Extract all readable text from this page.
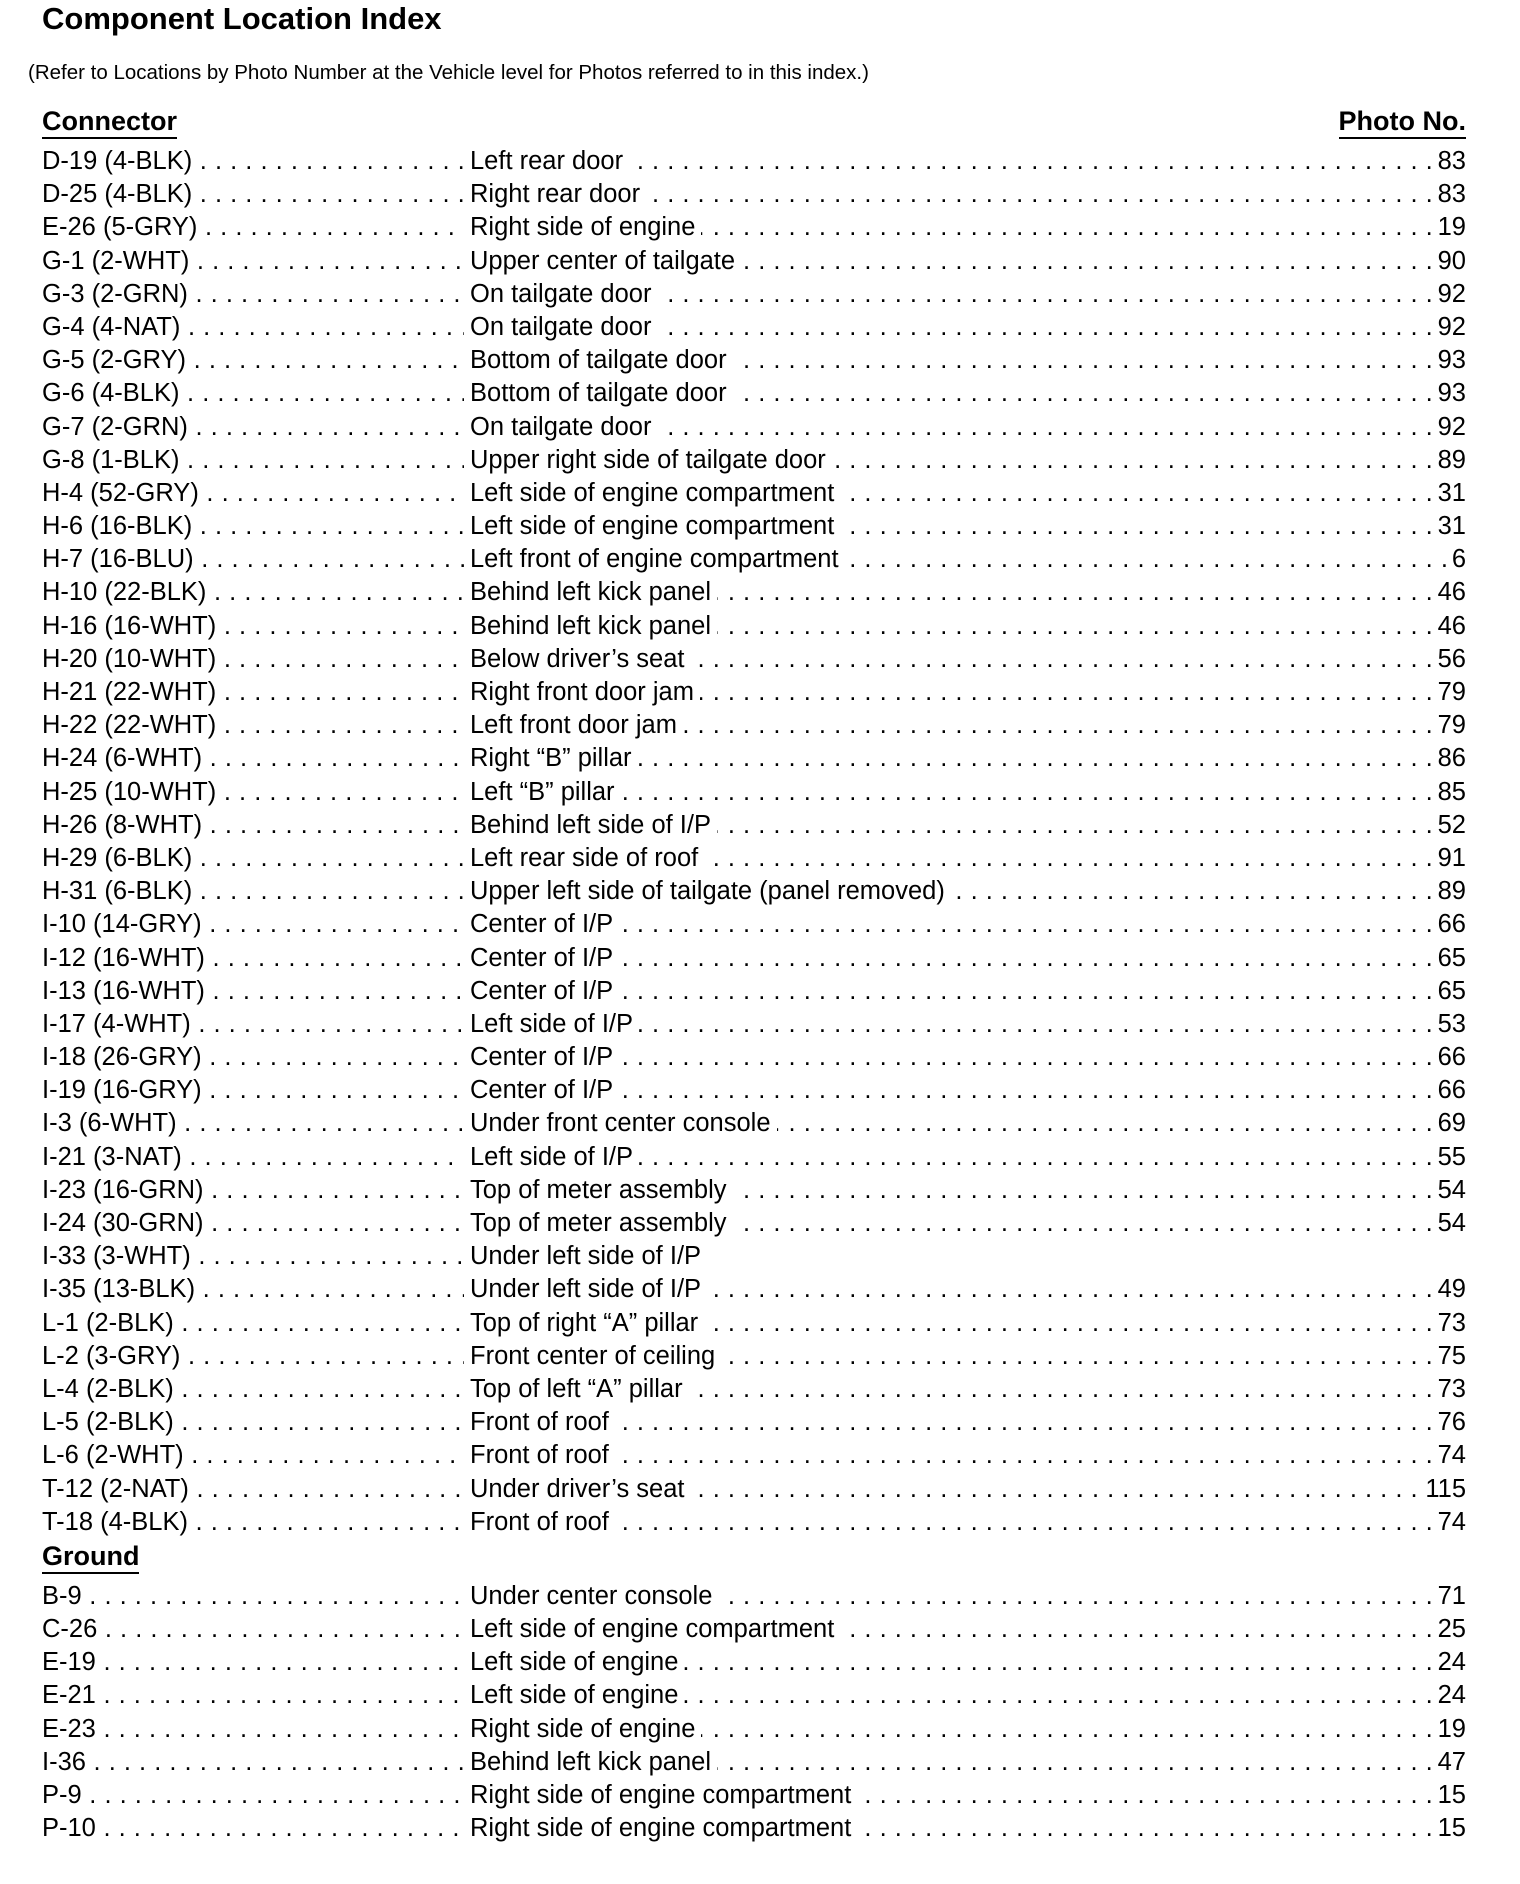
Component Location Index
(Refer to Locations by Photo Number at the Vehicle level for Photos referred to in this index.)
Connector	Photo No.
D-19 (4-BLK) . . . . . .	Left rear door	83
D-25 (4-BLK) . . . . . .	Right rear door	83
E-26 (5-GRY) . . . . . .	Right side of engine	19
G-1 (2-WHT) . . . . . .	Upper center of tailgate	90
G-3 (2-GRN) . . . . . .	On tailgate door	92
G-4 (4-NAT) . . . . . .	On tailgate door	92
G-5 (2-GRY) . . . . . .	Bottom of tailgate door	93
G-6 (4-BLK) . . . . . .	Bottom of tailgate door	93
G-7 (2-GRN) . . . . . .	On tailgate door	92
G-8 (1-BLK) . . . . . .	Upper right side of tailgate door	89
H-4 (52-GRY) . . . . . .	Left side of engine compartment	31
H-6 (16-BLK) . . . . . .	Left side of engine compartment	31
H-7 (16-BLU) . . . . . .	Left front of engine compartment	6
H-10 (22-BLK) . . . . . .	Behind left kick panel	46
H-16 (16-WHT) . . . . . .	Behind left kick panel	46
H-20 (10-WHT) . . . . . .	Below driver’s seat	56
H-21 (22-WHT) . . . . . .	Right front door jam	79
H-22 (22-WHT) . . . . . .	Left front door jam	79
H-24 (6-WHT) . . . . . .	Right “B” pillar	86
H-25 (10-WHT) . . . . . .	Left “B” pillar	85
H-26 (8-WHT) . . . . . .	Behind left side of I/P	52
H-29 (6-BLK) . . . . . .	Left rear side of roof	91
H-31 (6-BLK) . . . . . .	Upper left side of tailgate (panel removed)	89
I-10 (14-GRY) . . . . . .	Center of I/P	66
I-12 (16-WHT) . . . . . .	Center of I/P	65
I-13 (16-WHT) . . . . . .	Center of I/P	65
I-17 (4-WHT) . . . . . .	Left side of I/P	53
I-18 (26-GRY) . . . . . .	Center of I/P	66
I-19 (16-GRY) . . . . . .	Center of I/P	66
I-3 (6-WHT) . . . . . .	Under front center console	69
I-21 (3-NAT) . . . . . .	Left side of I/P	55
I-23 (16-GRN) . . . . . .	Top of meter assembly	54
I-24 (30-GRN) . . . . . .	Top of meter assembly	54
I-33 (3-WHT) . . .	Under left side of I/P
I-35 (13-BLK) . . . . . .	Under left side of I/P	49
L-1 (2-BLK) . . . . . .	Top of right “A” pillar	73
L-2 (3-GRY) . . . . . .	Front center of ceiling	75
L-4 (2-BLK) . . . . . .	Top of left “A” pillar	73
L-5 (2-BLK) . . . . . .	Front of roof	76
L-6 (2-WHT) . . . . . .	Front of roof	74
T-12 (2-NAT) . . . . . .	Under driver’s seat	115
T-18 (4-BLK) . . . . . .	Front of roof	74
Ground
B-9 . . . . . .	Under center console	71
C-26 . . . . . .	Left side of engine compartment	25
E-19 . . . . . .	Left side of engine	24
E-21 . . . . . .	Left side of engine	24
E-23 . . . . . .	Right side of engine	19
I-36 . . . . . .	Behind left kick panel	47
P-9 . . . . . .	Right side of engine compartment	15
P-10 . . . . . .	Right side of engine compartment	15
